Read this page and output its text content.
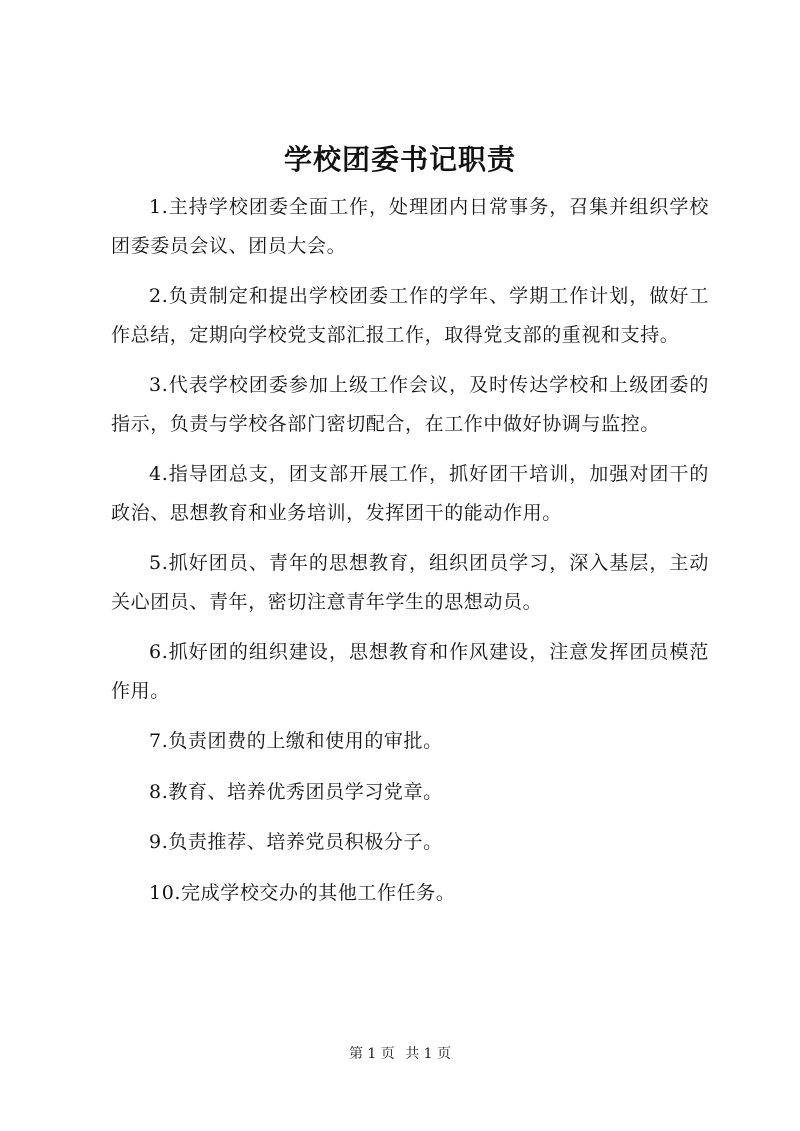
学校团委书记职责

1.主持学校团委全面工作，处理团内日常事务，召集并组织学校团委委员会议、团员大会。

2.负责制定和提出学校团委工作的学年、学期工作计划，做好工作总结，定期向学校党支部汇报工作，取得党支部的重视和支持。

3.代表学校团委参加上级工作会议，及时传达学校和上级团委的指示，负责与学校各部门密切配合，在工作中做好协调与监控。

4.指导团总支，团支部开展工作，抓好团干培训，加强对团干的政治、思想教育和业务培训，发挥团干的能动作用。

5.抓好团员、青年的思想教育，组织团员学习，深入基层，主动关心团员、青年，密切注意青年学生的思想动员。

6.抓好团的组织建设，思想教育和作风建设，注意发挥团员模范作用。

7.负责团费的上缴和使用的审批。

8.教育、培养优秀团员学习党章。

9.负责推荐、培养党员积极分子。

10.完成学校交办的其他工作任务。

第 1 页 共 1 页
